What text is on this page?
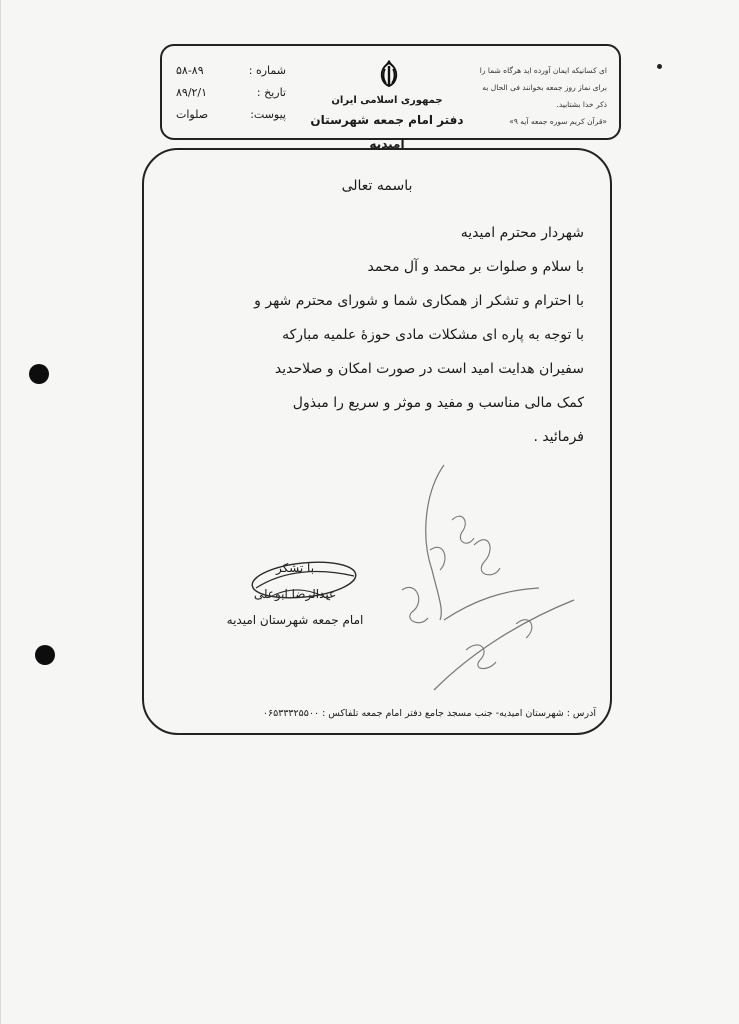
شماره :
۵۸-۸۹
تاریخ :
۸۹/۲/۱
پیوست:
صلوات
جمهوری اسلامی ایران
دفتر امام جمعه شهرستان امیدیه
ای کسانیکه ایمان آورده اید هرگاه شما را
برای نماز روز جمعه بخوانند فی الحال به
ذکر خدا بشتابید.
«قرآن کریم سوره جمعه آیه ۹»
باسمه تعالی
شهردار محترم امیدیه
با سلام و صلوات بر محمد و آل محمد
با احترام و تشکر از همکاری شما و شورای محترم شهر و
با توجه به پاره ای مشکلات مادی حوزهٔ علمیه مبارکه
سفیران هدایت امید است در صورت امکان و صلاحدید
کمک مالی مناسب و مفید و موثر و سریع را مبذول
فرمائید .
با تشکر
عبدالرضا ابوعلی
امام جمعه شهرستان امیدیه
آدرس : شهرستان امیدیه- جنب مسجد جامع دفتر امام جمعه تلفاکس : ۰۶۵۳۳۳۲۵۵۰۰
